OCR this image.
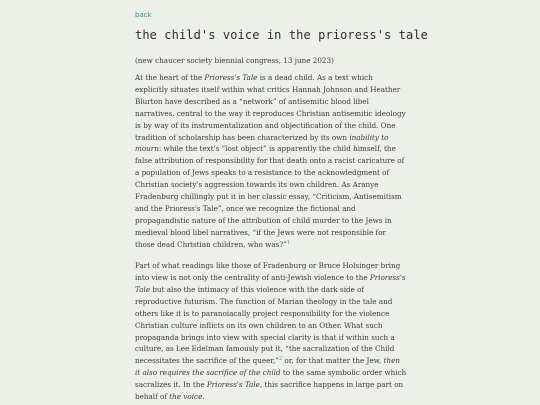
back
the child's voice in the prioress's tale

(new chaucer society biennial congress, 13 june 2023)

At the heart of the Prioress's Tale is a dead child. As a text which explicitly situates itself within what critics Hannah Johnson and Heather Blurton have described as a “network” of antisemitic blood libel narratives, central to the way it reproduces Christian antisemitic ideology is by way of its instrumentalization and objectification of the child. One tradition of scholarship has been characterized by its own inability to mourn: while the text's “lost object” is apparently the child himself, the false attribution of responsibility for that death onto a racist caricature of a population of Jews speaks to a resistance to the acknowledgment of Christian society's aggression towards its own children. As Aranye Fradenburg chillingly put it in her classic essay, “Criticism, Antisemitism and the Prioress's Tale”, once we recognize the fictional and propagandistic nature of the attribution of child murder to the Jews in medieval blood libel narratives, “if the Jews were not responsible for those dead Christian children, who was?”$^1$

Part of what readings like those of Fradenburg or Bruce Holsinger bring into view is not only the centrality of anti-Jewish violence to the Prioress's Tale but also the intimacy of this violence with the dark side of reproductive futurism. The function of Marian theology in the tale and others like it is to paranoiacally project responsibility for the violence Christian culture inflicts on its own children to an Other. What such propaganda brings into view with special clarity is that if within such a culture, as Lee Edelman famously put it, “the sacralization of the Child necessitates the sacrifice of the queer,”$^2$ or, for that matter the Jew, then it also requires the sacrifice of the child to the same symbolic order which sacralizes it. In the Prioress's Tale, this sacrifice happens in large part on behalf of the voice.
